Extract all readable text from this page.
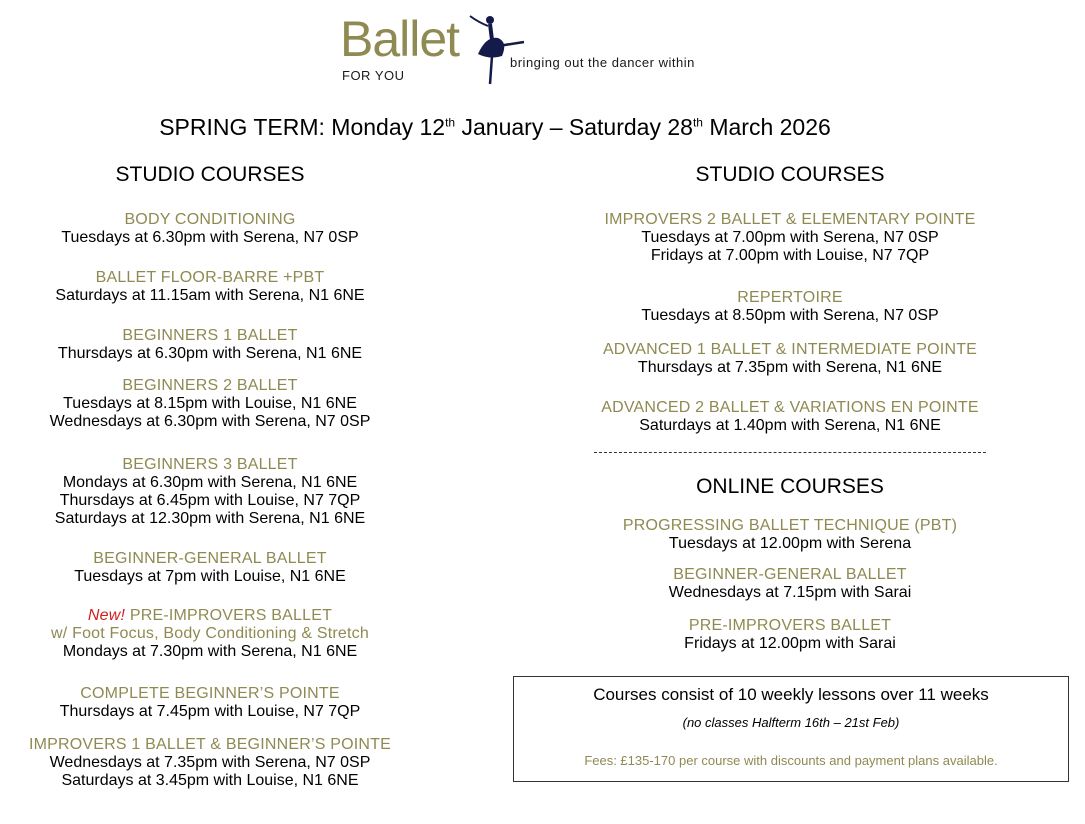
Ballet
FOR YOU
bringing out the dancer within
SPRING TERM: Monday 12th January – Saturday 28th March 2026
STUDIO COURSES
BODY CONDITIONING
Tuesdays at 6.30pm with Serena, N7 0SP
BALLET FLOOR-BARRE +PBT
Saturdays at 11.15am with Serena, N1 6NE
BEGINNERS 1 BALLET
Thursdays at 6.30pm with Serena, N1 6NE
BEGINNERS 2 BALLET
Tuesdays at 8.15pm with Louise, N1 6NE
Wednesdays at 6.30pm with Serena, N7 0SP
BEGINNERS 3 BALLET
Mondays at 6.30pm with Serena, N1 6NE
Thursdays at 6.45pm with Louise, N7 7QP
Saturdays at 12.30pm with Serena, N1 6NE
BEGINNER-GENERAL BALLET
Tuesdays at 7pm with Louise, N1 6NE
New! PRE-IMPROVERS BALLET
w/ Foot Focus, Body Conditioning & Stretch
Mondays at 7.30pm with Serena, N1 6NE
COMPLETE BEGINNER’S POINTE
Thursdays at 7.45pm with Louise, N7 7QP
IMPROVERS 1 BALLET & BEGINNER’S POINTE
Wednesdays at 7.35pm with Serena, N7 0SP
Saturdays at 3.45pm with Louise, N1 6NE
STUDIO COURSES
IMPROVERS 2 BALLET & ELEMENTARY POINTE
Tuesdays at 7.00pm with Serena, N7 0SP
Fridays at 7.00pm with Louise, N7 7QP
REPERTOIRE
Tuesdays at 8.50pm with Serena, N7 0SP
ADVANCED 1 BALLET & INTERMEDIATE POINTE
Thursdays at 7.35pm with Serena, N1 6NE
ADVANCED 2 BALLET & VARIATIONS EN POINTE
Saturdays at 1.40pm with Serena, N1 6NE
ONLINE COURSES
PROGRESSING BALLET TECHNIQUE (PBT)
Tuesdays at 12.00pm with Serena
BEGINNER-GENERAL BALLET
Wednesdays at 7.15pm with Sarai
PRE-IMPROVERS BALLET
Fridays at 12.00pm with Sarai
Courses consist of 10 weekly lessons over 11 weeks
(no classes Halfterm 16th – 21st Feb)
Fees: £135-170 per course with discounts and payment plans available.
